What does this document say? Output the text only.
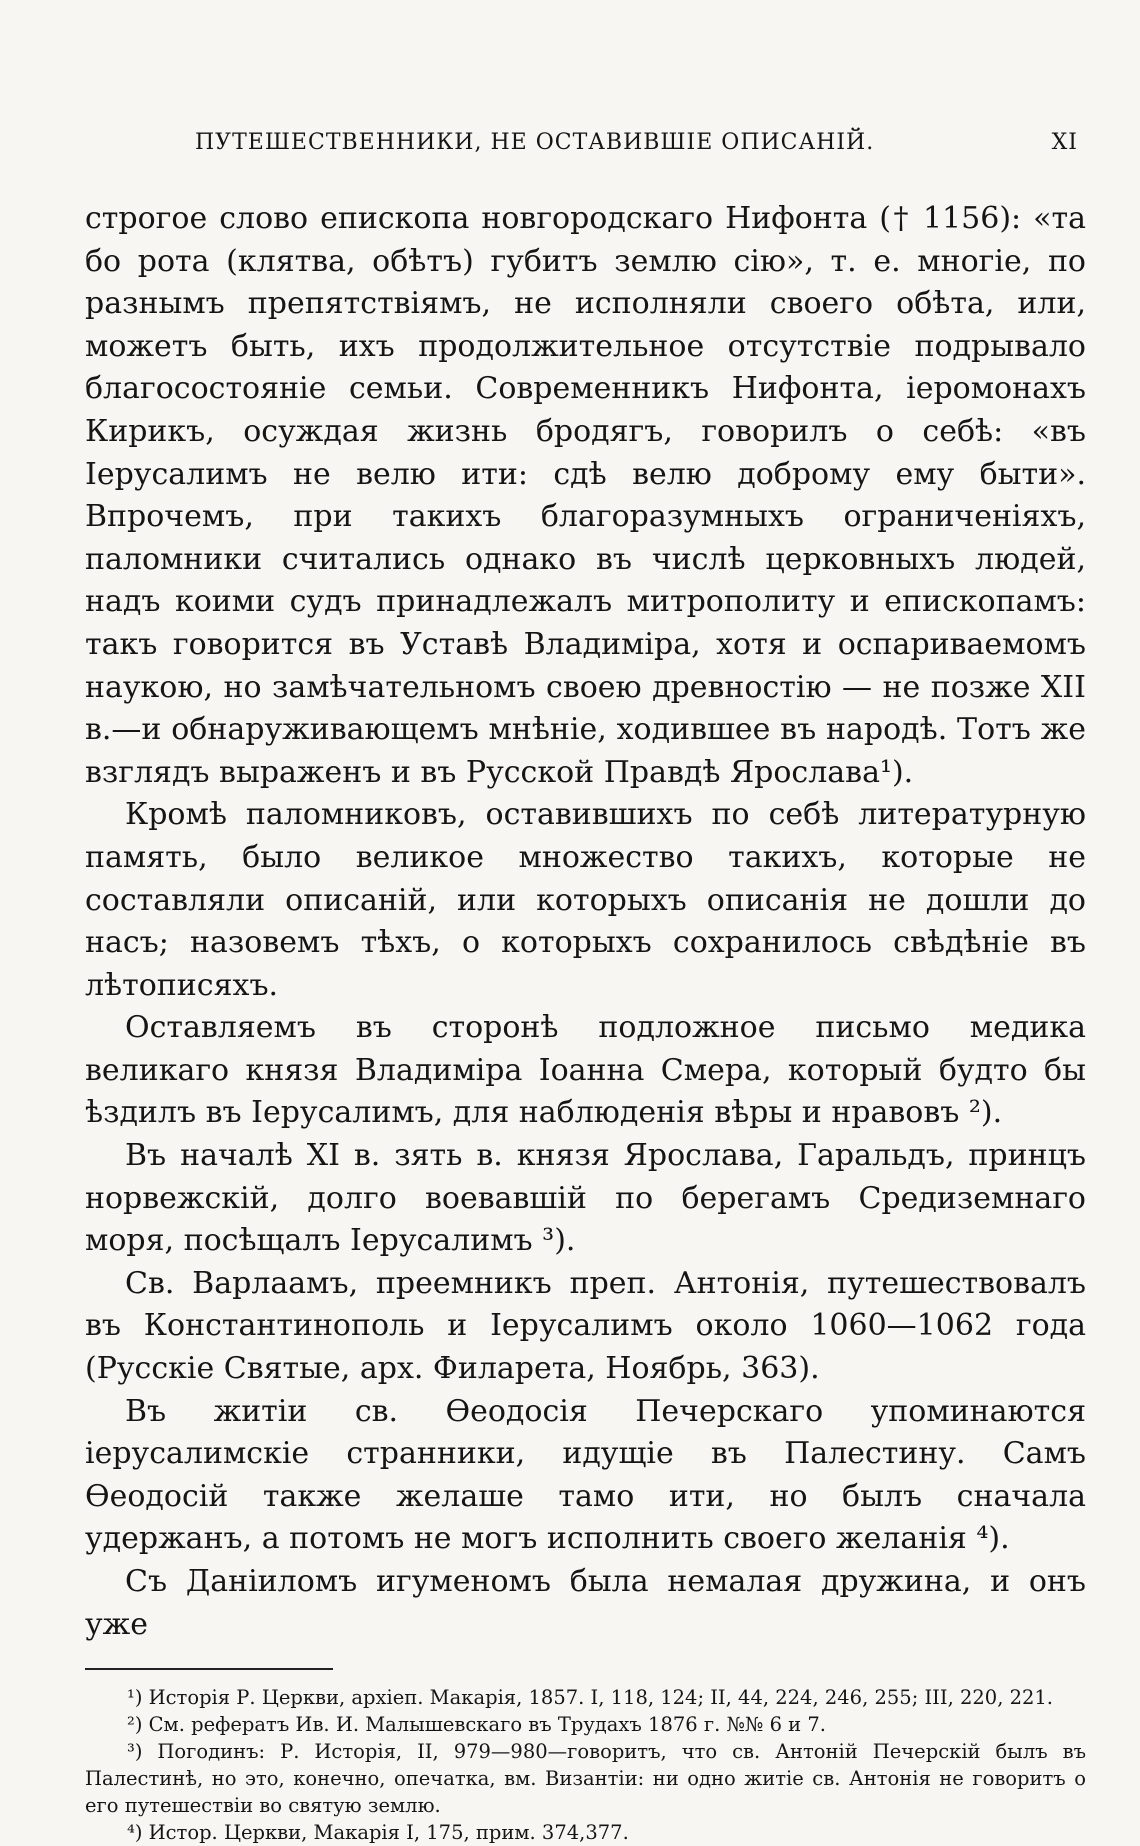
ПУТЕШЕСТВЕННИКИ, НЕ ОСТАВИВШІЕ ОПИСАНІЙ.	XI

строгое слово епископа новгородскаго Нифонта († 1156): «та бо рота (клятва, обѣтъ) губитъ землю сію», т. е. многіе, по разнымъ препятствіямъ, не исполняли своего обѣта, или, можетъ быть, ихъ продолжительное отсутствіе подрывало благосостояніе семьи. Современникъ Нифонта, іеромонахъ Кирикъ, осуждая жизнь бродягъ, говорилъ о себѣ: «въ Іерусалимъ не велю ити: сдѣ велю доброму ему быти». Впрочемъ, при такихъ благоразумныхъ ограниченіяхъ, паломники считались однако въ числѣ церковныхъ людей, надъ коими судъ принадлежалъ митрополиту и епископамъ: такъ говорится въ Уставѣ Владиміра, хотя и оспариваемомъ наукою, но замѣчательномъ своею древностію — не позже XII в.—и обнаруживающемъ мнѣніе, ходившее въ народѣ. Тотъ же взглядъ выраженъ и въ Русской Правдѣ Ярослава¹).

Кромѣ паломниковъ, оставившихъ по себѣ литературную память, было великое множество такихъ, которые не составляли описаній, или которыхъ описанія не дошли до насъ; назовемъ тѣхъ, о которыхъ сохранилось свѣдѣніе въ лѣтописяхъ.

Оставляемъ въ сторонѣ подложное письмо медика великаго князя Владиміра Іоанна Смера, который будто бы ѣздилъ въ Іерусалимъ, для наблюденія вѣры и нравовъ ²).

Въ началѣ XI в. зять в. князя Ярослава, Гаральдъ, принцъ норвежскій, долго воевавшій по берегамъ Средиземнаго моря, посѣщалъ Іерусалимъ ³).

Св. Варлаамъ, преемникъ преп. Антонія, путешествовалъ въ Константинополь и Іерусалимъ около 1060—1062 года (Русскіе Святые, арх. Филарета, Ноябрь, 363).

Въ житіи св. Өеодосія Печерскаго упоминаются іерусалимскіе странники, идущіе въ Палестину. Самъ Өеодосій также желаше тамо ити, но былъ сначала удержанъ, а потомъ не могъ исполнить своего желанія ⁴).

Съ Даніиломъ игуменомъ была немалая дружина, и онъ уже

¹) Исторія Р. Церкви, архіеп. Макарія, 1857. I, 118, 124; II, 44, 224, 246, 255; III, 220, 221.

²) См. рефератъ Ив. И. Малышевскаго въ Трудахъ 1876 г. №№ 6 и 7.

³) Погодинъ: Р. Исторія, II, 979—980—говоритъ, что св. Антоній Печерскій былъ въ Палестинѣ, но это, конечно, опечатка, вм. Византіи: ни одно житіе св. Антонія не говоритъ о его путешествіи во святую землю.

⁴) Истор. Церкви, Макарія I, 175, прим. 374,377.
